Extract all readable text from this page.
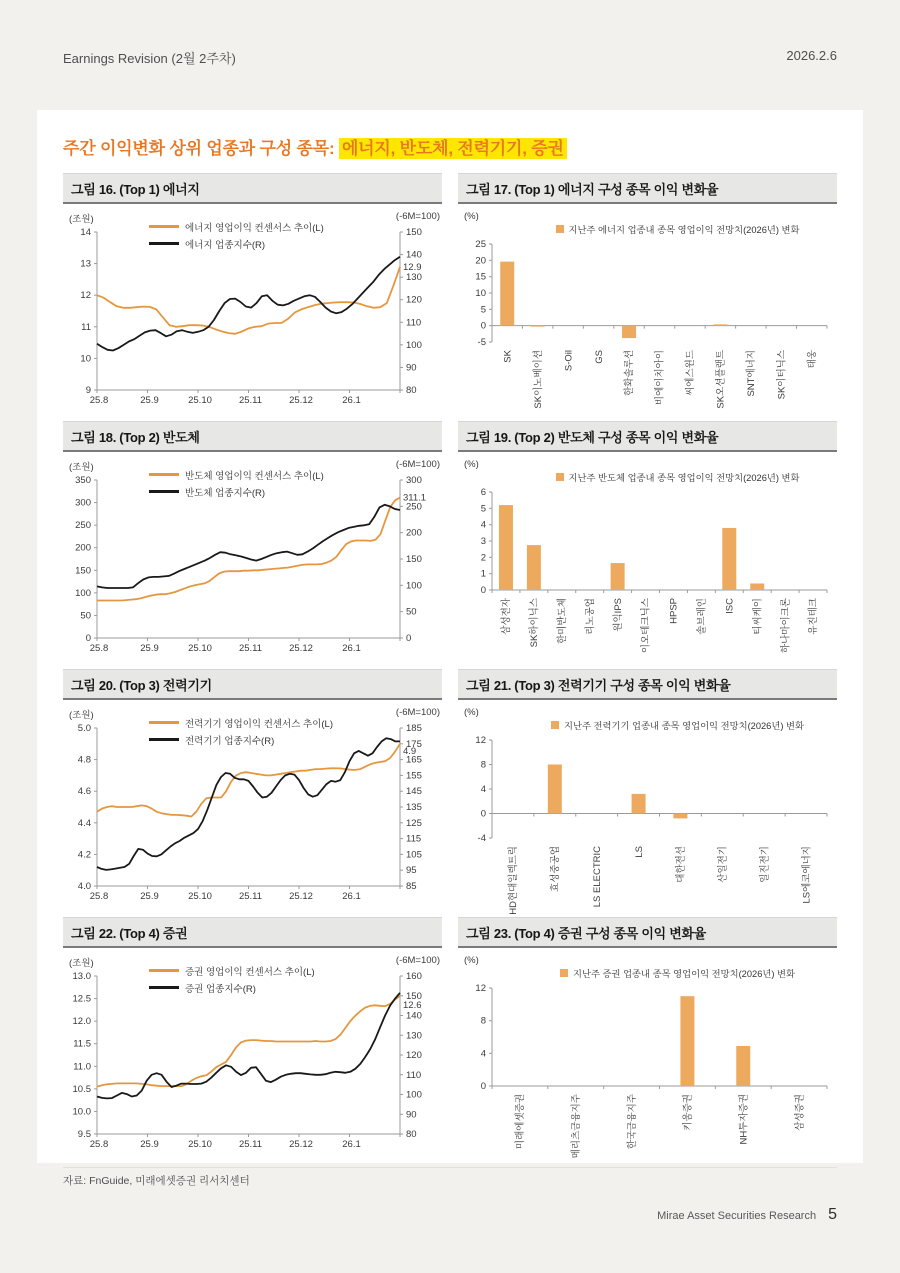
Earnings Revision (2월 2주차)	2026.2.6
주간 이익변화 상위 업종과 구성 종목: 에너지, 반도체, 전력기기, 증권
그림 16. (Top 1) 에너지
(조원)	(-6M=100)
에너지 영업이익 컨센서스 추이(L)
에너지 업종지수(R)
9
10
11
12
13
14
80
90
100
110
120
130
140
150
25.8	25.9	25.10	25.11	25.12	26.1
12.9
그림 17. (Top 1) 에너지 구성 종목 이익 변화율
(%)
지난주 에너지 업종내 종목 영업이익 전망치(2026년) 변화
-5
0
5
10
15
20
25
SK SK이노베이션 S-Oil GS 한화솔루션 비에이치아이 씨에스윈드 SK오션플랜트 SNT에너지 SK이터닉스 태웅
그림 18. (Top 2) 반도체
(조원)	(-6M=100)
반도체 영업이익 컨센서스 추이(L)
반도체 업종지수(R)
0
50
100
150
200
250
300
350
0
50
100
150
200
250
300
25.8	25.9	25.10	25.11	25.12	26.1
311.1
그림 19. (Top 2) 반도체 구성 종목 이익 변화율
(%)
지난주 반도체 업종내 종목 영업이익 전망치(2026년) 변화
0
1
2
3
4
5
6
삼성전자 SK하이닉스 한미반도체 리노공업 원익IPS 이오테크닉스 HPSP 솔브레인 ISC 티씨케이 하나마이크론 유진테크
그림 20. (Top 3) 전력기기
(조원)	(-6M=100)
전력기기 영업이익 컨센서스 추이(L)
전력기기 업종지수(R)
4.0
4.2
4.4
4.6
4.8
5.0
85
95
105
115
125
135
145
155
165
175
185
25.8	25.9	25.10	25.11	25.12	26.1
4.9
그림 21. (Top 3) 전력기기 구성 종목 이익 변화율
(%)
지난주 전력기기 업종내 종목 영업이익 전망치(2026년) 변화
-4
0
4
8
12
HD현대일렉트릭	효성중공업	LS ELECTRIC	LS	대한전선	산일전기	일진전기	LS에코에너지
그림 22. (Top 4) 증권
(조원)	(-6M=100)
증권 영업이익 컨센서스 추이(L)
증권 업종지수(R)
9.5
10.0
10.5
11.0
11.5
12.0
12.5
13.0
80
90
100
110
120
130
140
150
160
25.8	25.9	25.10	25.11	25.12	26.1
12.6
그림 23. (Top 4) 증권 구성 종목 이익 변화율
(%)
지난주 증권 업종내 종목 영업이익 전망치(2026년) 변화
0
4
8
12
미래에셋증권	메리츠금융지주	한국금융지주	키움증권	NH투자증권	삼성증권
자료: FnGuide, 미래에셋증권 리서치센터
Mirae Asset Securities Research 5
